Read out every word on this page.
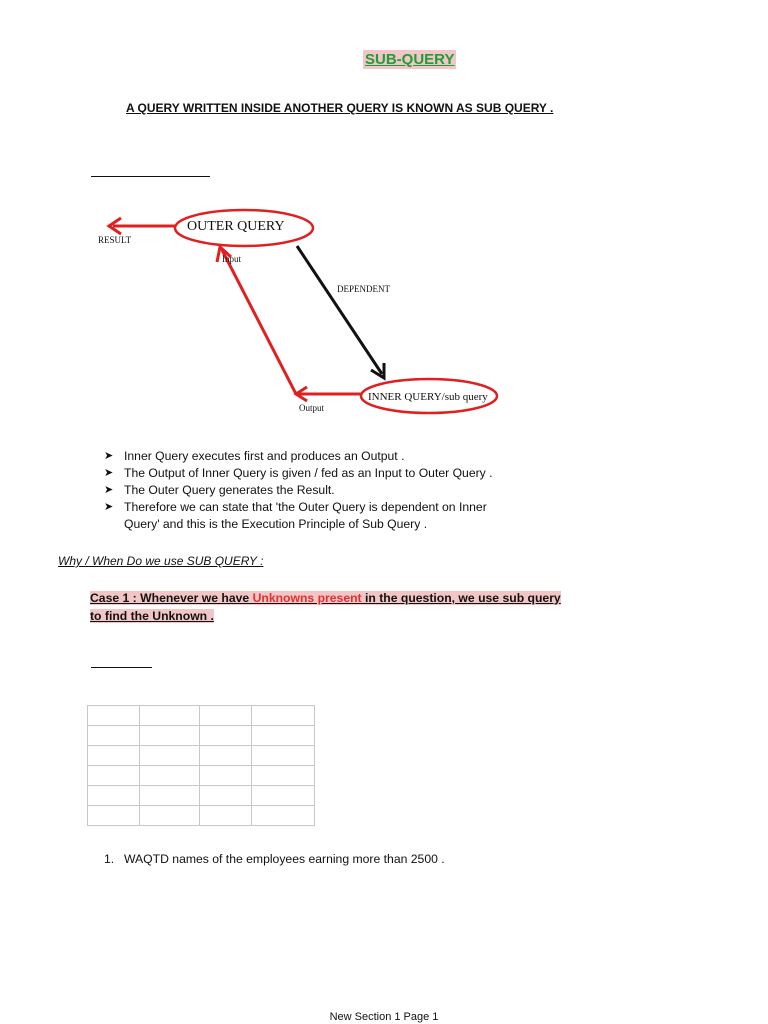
SUB-QUERY
A QUERY WRITTEN INSIDE ANOTHER QUERY IS KNOWN AS SUB QUERY .
OUTER QUERY
RESULT
DEPENDENT
INNER QUERY/sub query
Output
Input
➤ Inner Query executes first and produces an Output .
➤ The Output of Inner Query is given / fed as an Input to Outer Query .
➤ The Outer Query generates the Result.
➤ Therefore we can state that 'the Outer Query is dependent on Inner Query' and this is the Execution Principle of Sub Query .
Why / When Do we use SUB QUERY :
Case 1 : Whenever we have Unknowns present in the question, we use sub query
to find the Unknown .

1. WAQTD names of the employees earning more than 2500 .
New Section 1 Page 1
